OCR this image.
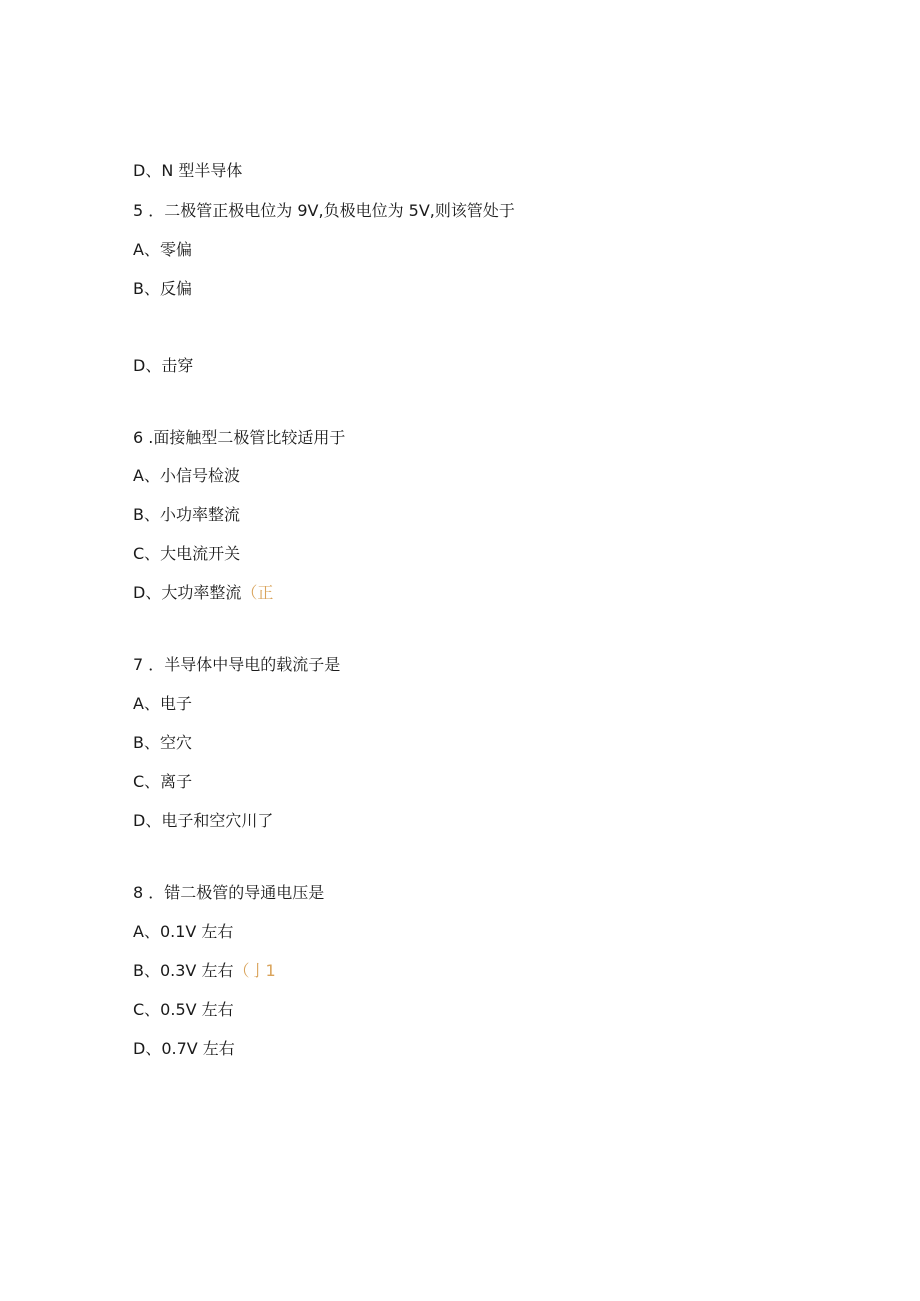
D、N 型半导体
5 ．二极管正极电位为 9V,负极电位为 5V,则该管处于
A、零偏
B、反偏
D、击穿
6 .面接触型二极管比较适用于
A、小信号检波
B、小功率整流
C、大电流开关
D、大功率整流（正
7 ．半导体中导电的载流子是
A、电子
B、空穴
C、离子
D、电子和空穴川了
8 ．错二极管的导通电压是
A、0.1V 左右
B、0.3V 左右（亅1
C、0.5V 左右
D、0.7V 左右
